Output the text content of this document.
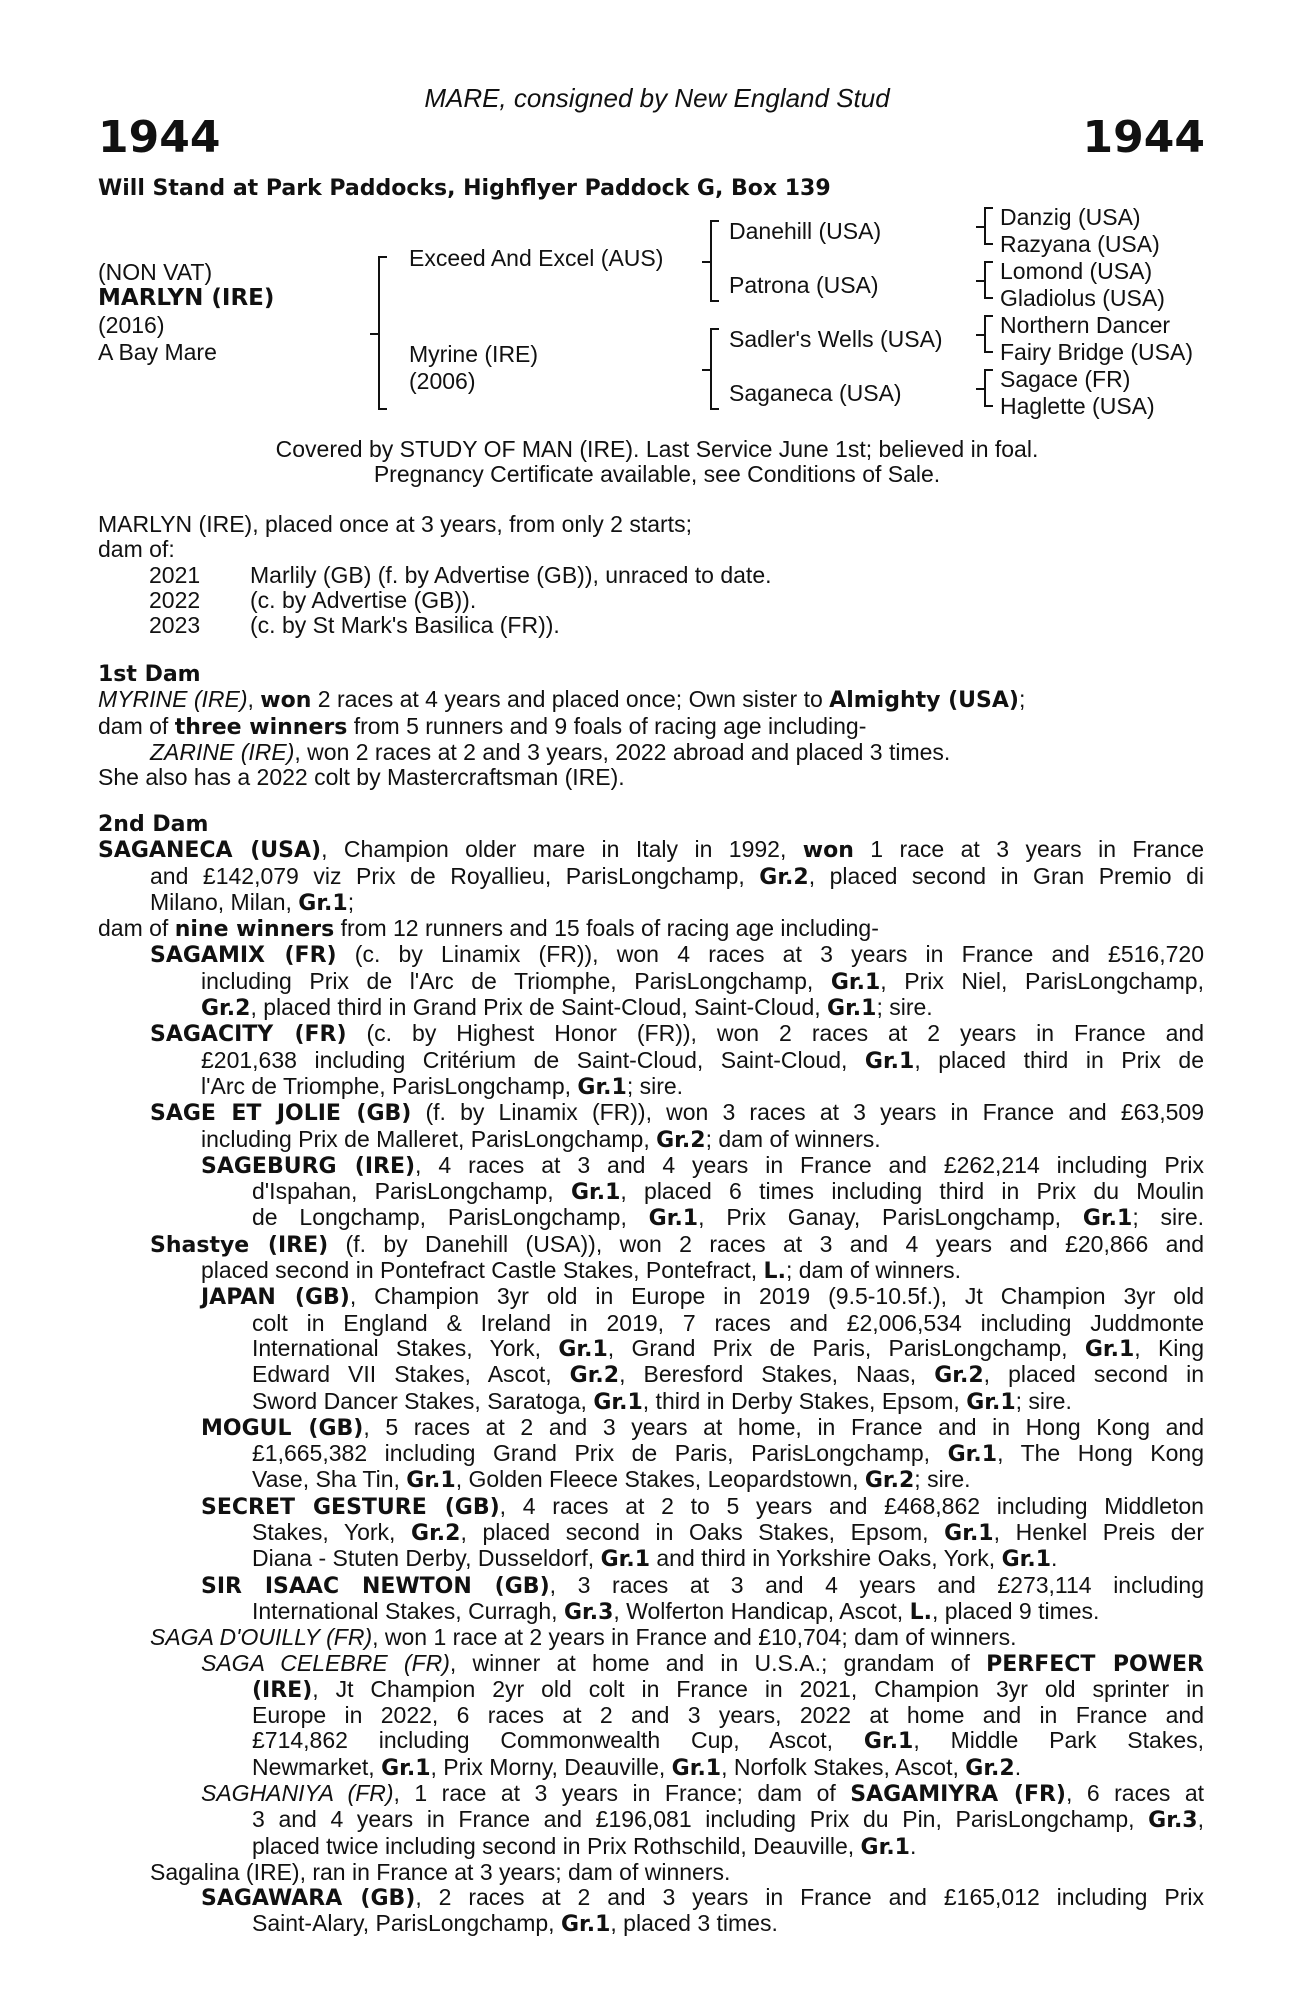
MARE, consigned by New England Stud
1944	1944
Will Stand at Park Paddocks, Highflyer Paddock G, Box 139
(NON VAT)
MARLYN (IRE)
(2016)
A Bay Mare
Exceed And Excel (AUS)
Myrine (IRE)
(2006)
Danehill (USA)
Patrona (USA)
Sadler's Wells (USA)
Saganeca (USA)
Danzig (USA)
Razyana (USA)
Lomond (USA)
Gladiolus (USA)
Northern Dancer
Fairy Bridge (USA)
Sagace (FR)
Haglette (USA)
Covered by STUDY OF MAN (IRE). Last Service June 1st; believed in foal.
Pregnancy Certificate available, see Conditions of Sale.
MARLYN (IRE), placed once at 3 years, from only 2 starts;
dam of:
2021 Marlily (GB) (f. by Advertise (GB)), unraced to date.
2022 (c. by Advertise (GB)).
2023 (c. by St Mark's Basilica (FR)).
1st Dam
MYRINE (IRE), won 2 races at 4 years and placed once; Own sister to Almighty (USA);
dam of three winners from 5 runners and 9 foals of racing age including-
ZARINE (IRE), won 2 races at 2 and 3 years, 2022 abroad and placed 3 times.
She also has a 2022 colt by Mastercraftsman (IRE).
2nd Dam
SAGANECA (USA), Champion older mare in Italy in 1992, won 1 race at 3 years in France
and £142,079 viz Prix de Royallieu, ParisLongchamp, Gr.2, placed second in Gran Premio di
Milano, Milan, Gr.1;
dam of nine winners from 12 runners and 15 foals of racing age including-
SAGAMIX (FR) (c. by Linamix (FR)), won 4 races at 3 years in France and £516,720
including Prix de l'Arc de Triomphe, ParisLongchamp, Gr.1, Prix Niel, ParisLongchamp,
Gr.2, placed third in Grand Prix de Saint-Cloud, Saint-Cloud, Gr.1; sire.
SAGACITY (FR) (c. by Highest Honor (FR)), won 2 races at 2 years in France and
£201,638 including Critérium de Saint-Cloud, Saint-Cloud, Gr.1, placed third in Prix de
l'Arc de Triomphe, ParisLongchamp, Gr.1; sire.
SAGE ET JOLIE (GB) (f. by Linamix (FR)), won 3 races at 3 years in France and £63,509
including Prix de Malleret, ParisLongchamp, Gr.2; dam of winners.
SAGEBURG (IRE), 4 races at 3 and 4 years in France and £262,214 including Prix
d'Ispahan, ParisLongchamp, Gr.1, placed 6 times including third in Prix du Moulin
de Longchamp, ParisLongchamp, Gr.1, Prix Ganay, ParisLongchamp, Gr.1; sire.
Shastye (IRE) (f. by Danehill (USA)), won 2 races at 3 and 4 years and £20,866 and
placed second in Pontefract Castle Stakes, Pontefract, L.; dam of winners.
JAPAN (GB), Champion 3yr old in Europe in 2019 (9.5-10.5f.), Jt Champion 3yr old
colt in England & Ireland in 2019, 7 races and £2,006,534 including Juddmonte
International Stakes, York, Gr.1, Grand Prix de Paris, ParisLongchamp, Gr.1, King
Edward VII Stakes, Ascot, Gr.2, Beresford Stakes, Naas, Gr.2, placed second in
Sword Dancer Stakes, Saratoga, Gr.1, third in Derby Stakes, Epsom, Gr.1; sire.
MOGUL (GB), 5 races at 2 and 3 years at home, in France and in Hong Kong and
£1,665,382 including Grand Prix de Paris, ParisLongchamp, Gr.1, The Hong Kong
Vase, Sha Tin, Gr.1, Golden Fleece Stakes, Leopardstown, Gr.2; sire.
SECRET GESTURE (GB), 4 races at 2 to 5 years and £468,862 including Middleton
Stakes, York, Gr.2, placed second in Oaks Stakes, Epsom, Gr.1, Henkel Preis der
Diana - Stuten Derby, Dusseldorf, Gr.1 and third in Yorkshire Oaks, York, Gr.1.
SIR ISAAC NEWTON (GB), 3 races at 3 and 4 years and £273,114 including
International Stakes, Curragh, Gr.3, Wolferton Handicap, Ascot, L., placed 9 times.
SAGA D'OUILLY (FR), won 1 race at 2 years in France and £10,704; dam of winners.
SAGA CELEBRE (FR), winner at home and in U.S.A.; grandam of PERFECT POWER
(IRE), Jt Champion 2yr old colt in France in 2021, Champion 3yr old sprinter in
Europe in 2022, 6 races at 2 and 3 years, 2022 at home and in France and
£714,862 including Commonwealth Cup, Ascot, Gr.1, Middle Park Stakes,
Newmarket, Gr.1, Prix Morny, Deauville, Gr.1, Norfolk Stakes, Ascot, Gr.2.
SAGHANIYA (FR), 1 race at 3 years in France; dam of SAGAMIYRA (FR), 6 races at
3 and 4 years in France and £196,081 including Prix du Pin, ParisLongchamp, Gr.3,
placed twice including second in Prix Rothschild, Deauville, Gr.1.
Sagalina (IRE), ran in France at 3 years; dam of winners.
SAGAWARA (GB), 2 races at 2 and 3 years in France and £165,012 including Prix
Saint-Alary, ParisLongchamp, Gr.1, placed 3 times.
